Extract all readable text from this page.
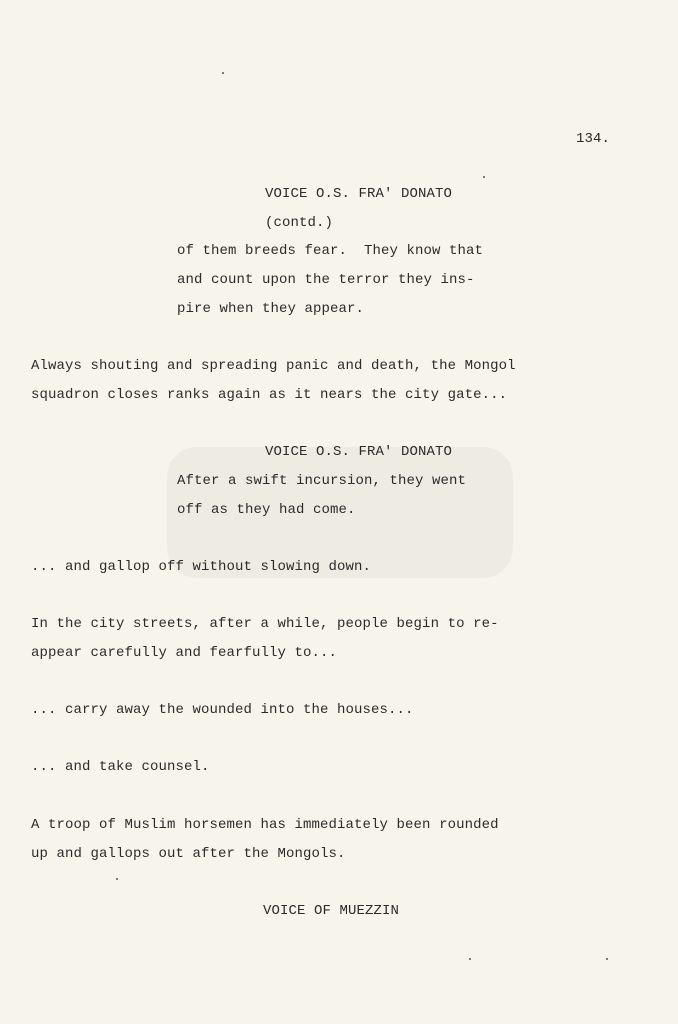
134.
VOICE O.S. FRA' DONATO
(contd.)
of them breeds fear.  They know that
and count upon the terror they ins-
pire when they appear.
Always shouting and spreading panic and death, the Mongol
squadron closes ranks again as it nears the city gate...
VOICE O.S. FRA' DONATO
After a swift incursion, they went
off as they had come.
... and gallop off without slowing down.
In the city streets, after a while, people begin to re-
appear carefully and fearfully to...
... carry away the wounded into the houses...
... and take counsel.
A troop of Muslim horsemen has immediately been rounded
up and gallops out after the Mongols.
VOICE OF MUEZZIN
